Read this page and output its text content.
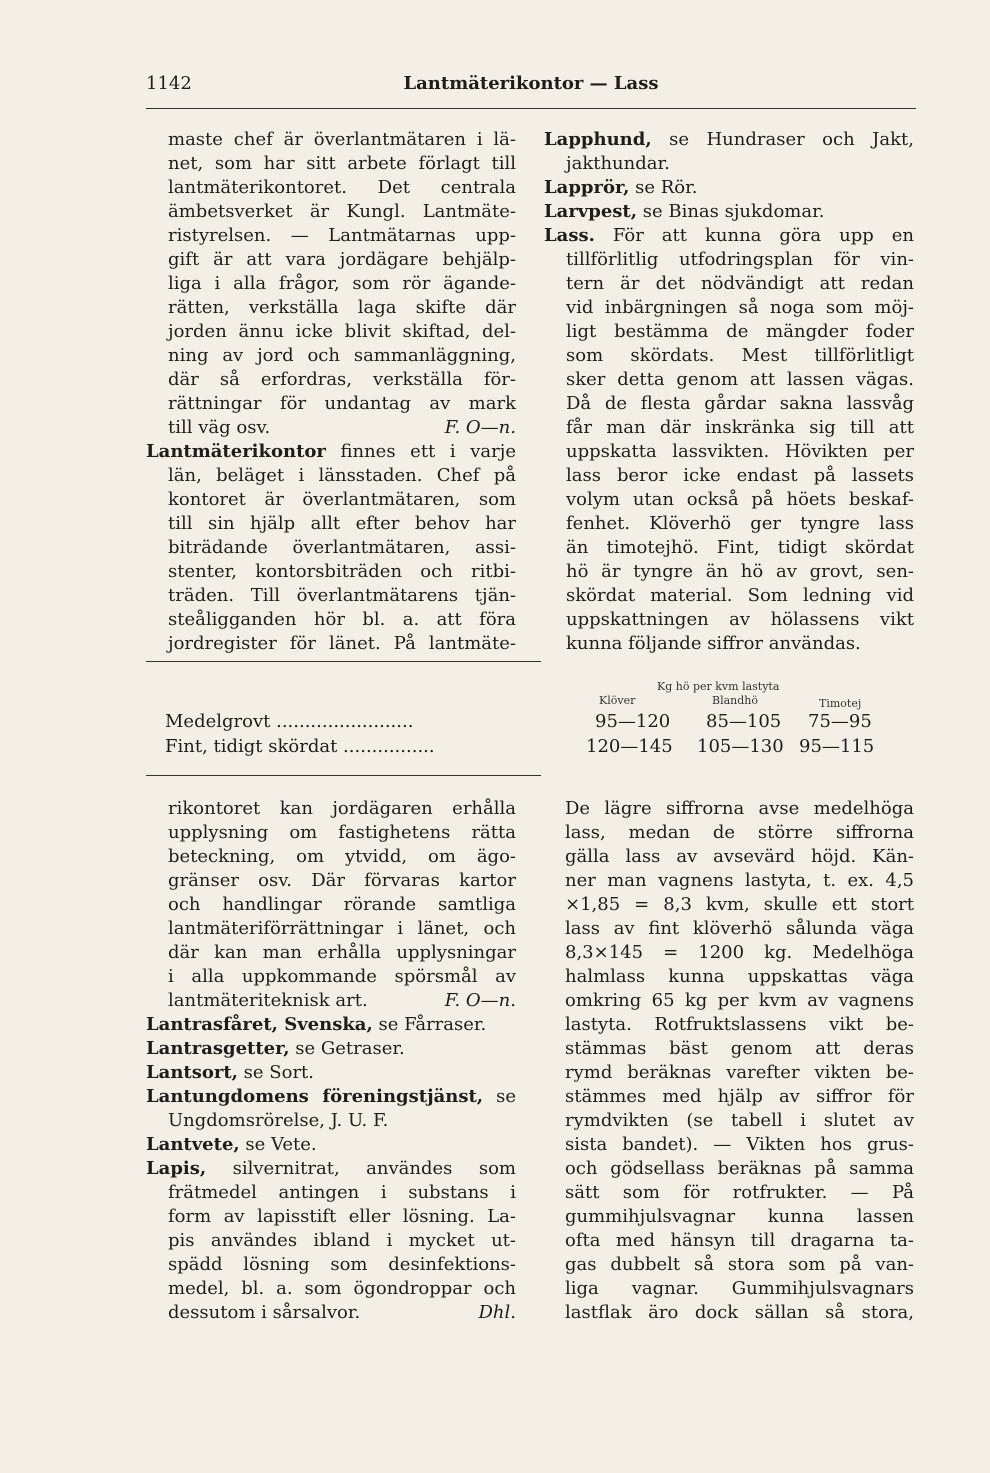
1142	Lantmäterikontor — Lass

maste chef är överlantmätaren i lä-

net, som har sitt arbete förlagt till

lantmäterikontoret. Det centrala

ämbetsverket är Kungl. Lantmäte-

ristyrelsen. — Lantmätarnas upp-

gift är att vara jordägare behjälp-

liga i alla frågor, som rör ägande-

rätten, verkställa laga skifte där

jorden ännu icke blivit skiftad, del-

ning av jord och sammanläggning,

där så erfordras, verkställa för-

rättningar för undantag av mark

till väg osv.	F. O—n.

Lantmäterikontor finnes ett i varje

län, beläget i länsstaden. Chef på

kontoret är överlantmätaren, som

till sin hjälp allt efter behov har

biträdande överlantmätaren, assi-

stenter, kontorsbiträden och ritbi-

träden. Till överlantmätarens tjän-

steåligganden hör bl. a. att föra

jordregister för länet. På lantmäte-

Lapphund, se Hundraser och Jakt,

jakthundar.

Lapprör, se Rör.

Larvpest, se Binas sjukdomar.

Lass. För att kunna göra upp en

tillförlitlig utfodringsplan för vin-

tern är det nödvändigt att redan

vid inbärgningen så noga som möj-

ligt bestämma de mängder foder

som skördats. Mest tillförlitligt

sker detta genom att lassen vägas.

Då de flesta gårdar sakna lassvåg

får man där inskränka sig till att

uppskatta lassvikten. Hövikten per

lass beror icke endast på lassets

volym utan också på höets beskaf-

fenhet. Klöverhö ger tyngre lass

än timotejhö. Fint, tidigt skördat

hö är tyngre än hö av grovt, sen-

skördat material. Som ledning vid

uppskattningen av hölassens vikt

kunna följande siffror användas.

Kg hö per kvm lastyta
Klöver	Blandhö	Timotej
Medelgrovt ........................	95—120 85—105 75—95
Fint, tidigt skördat ................	120—145 105—130 95—115

rikontoret kan jordägaren erhålla

upplysning om fastighetens rätta

beteckning, om ytvidd, om ägo-

gränser osv. Där förvaras kartor

och handlingar rörande samtliga

lantmäteriförrättningar i länet, och

där kan man erhålla upplysningar

i alla uppkommande spörsmål av

lantmäteriteknisk art.	F. O—n.

Lantrasfåret, Svenska, se Fårraser.

Lantrasgetter, se Getraser.

Lantsort, se Sort.

Lantungdomens föreningstjänst, se

Ungdomsrörelse, J. U. F.

Lantvete, se Vete.

Lapis, silvernitrat, användes som

frätmedel antingen i substans i

form av lapisstift eller lösning. La-

pis användes ibland i mycket ut-

spädd lösning som desinfektions-

medel, bl. a. som ögondroppar och

dessutom i sårsalvor.	Dhl.

De lägre siffrorna avse medelhöga

lass, medan de större siffrorna

gälla lass av avsevärd höjd. Kän-

ner man vagnens lastyta, t. ex. 4,5

×1,85 = 8,3 kvm, skulle ett stort

lass av fint klöverhö sålunda väga

8,3×145 = 1200 kg. Medelhöga

halmlass kunna uppskattas väga

omkring 65 kg per kvm av vagnens

lastyta. Rotfruktslassens vikt be-

stämmas bäst genom att deras

rymd beräknas varefter vikten be-

stämmes med hjälp av siffror för

rymdvikten (se tabell i slutet av

sista bandet). — Vikten hos grus-

och gödsellass beräknas på samma

sätt som för rotfrukter. — På

gummihjulsvagnar kunna lassen

ofta med hänsyn till dragarna ta-

gas dubbelt så stora som på van-

liga vagnar. Gummihjulsvagnars

lastflak äro dock sällan så stora,
